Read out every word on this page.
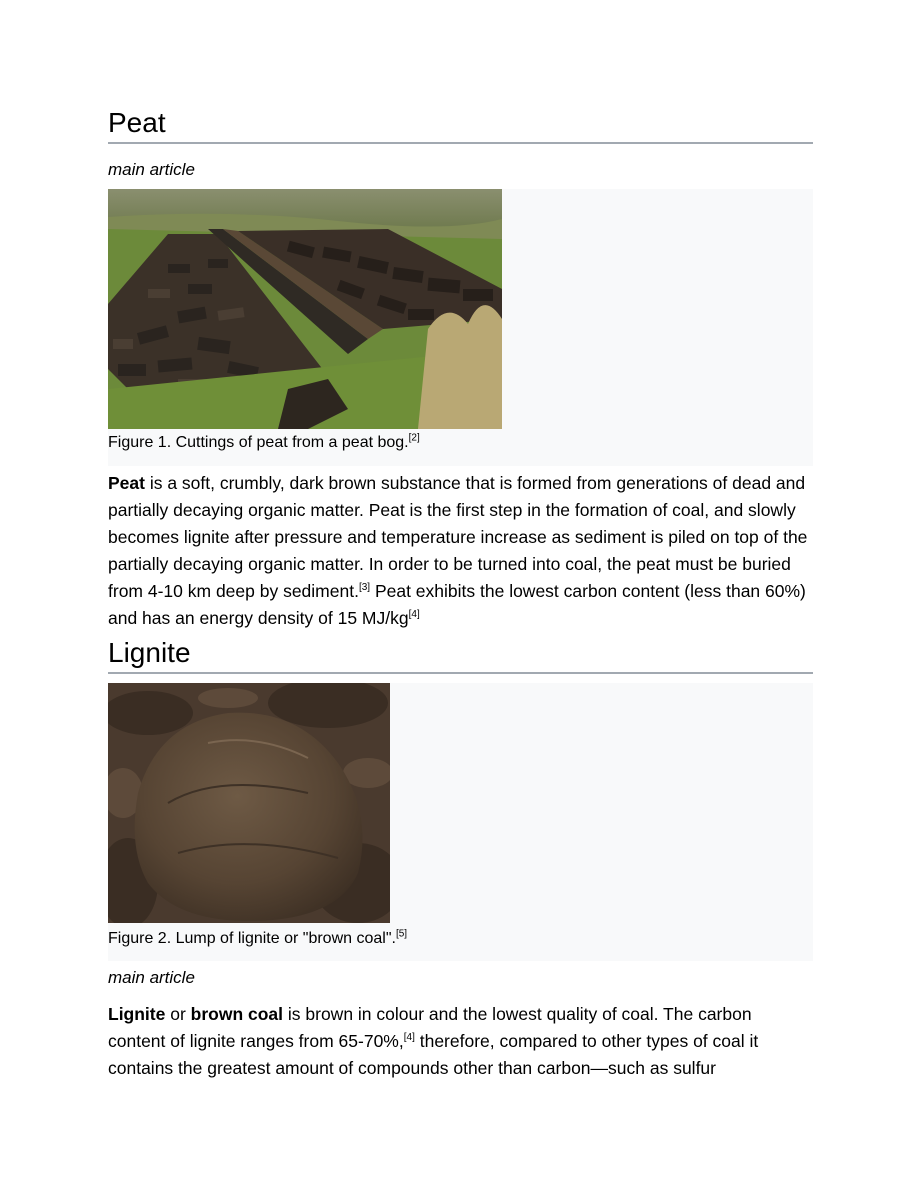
Peat
main article
Figure 1. Cuttings of peat from a peat bog.[2]
Peat is a soft, crumbly, dark brown substance that is formed from generations of dead and partially decaying organic matter. Peat is the first step in the formation of coal, and slowly becomes lignite after pressure and temperature increase as sediment is piled on top of the partially decaying organic matter. In order to be turned into coal, the peat must be buried from 4-10 km deep by sediment.[3] Peat exhibits the lowest carbon content (less than 60%) and has an energy density of 15 MJ/kg[4]
Lignite
Figure 2. Lump of lignite or "brown coal".[5]
main article
Lignite or brown coal is brown in colour and the lowest quality of coal. The carbon content of lignite ranges from 65-70%,[4] therefore, compared to other types of coal it contains the greatest amount of compounds other than carbon—such as sulfur
